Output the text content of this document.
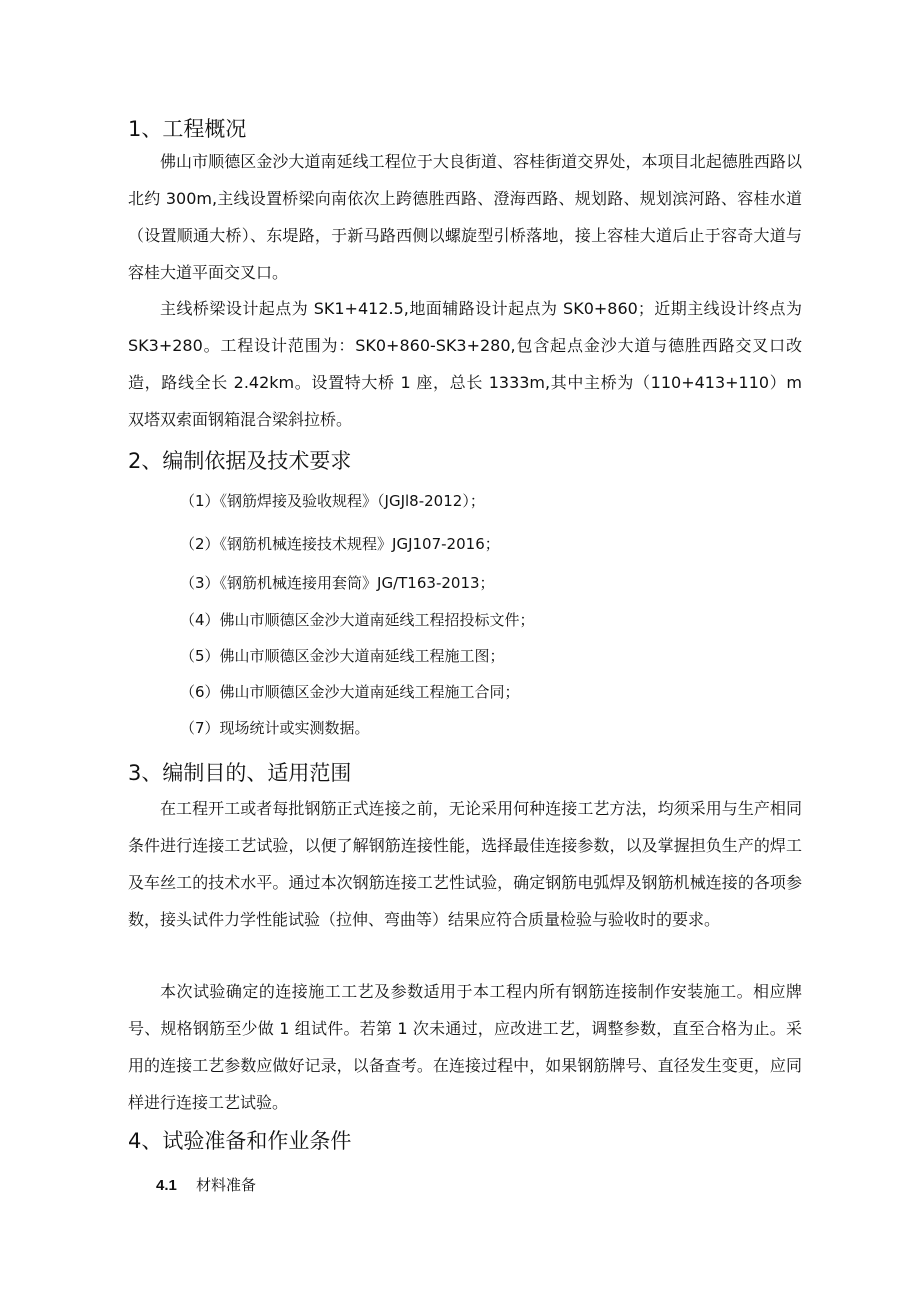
1、工程概况

佛山市顺德区金沙大道南延线工程位于大良街道、容桂街道交界处，本项目北起德胜西路以北约 300m,主线设置桥梁向南依次上跨德胜西路、澄海西路、规划路、规划滨河路、容桂水道（设置顺通大桥）、东堤路，于新马路西侧以螺旋型引桥落地，接上容桂大道后止于容奇大道与容桂大道平面交叉口。

主线桥梁设计起点为 SK1+412.5,地面辅路设计起点为 SK0+860；近期主线设计终点为 SK3+280。工程设计范围为：SK0+860-SK3+280,包含起点金沙大道与德胜西路交叉口改造，路线全长 2.42km。设置特大桥 1 座，总长 1333m,其中主桥为（110+413+110）m 双塔双索面钢箱混合梁斜拉桥。

2、编制依据及技术要求
（1）《钢筋焊接及验收规程》（JGJl8-2012）；
（2）《钢筋机械连接技术规程》JGJ107-2016；
（3）《钢筋机械连接用套筒》JG/T163-2013；
（4）佛山市顺德区金沙大道南延线工程招投标文件；
（5）佛山市顺德区金沙大道南延线工程施工图；
（6）佛山市顺德区金沙大道南延线工程施工合同；
（7）现场统计或实测数据。
3、编制目的、适用范围

在工程开工或者每批钢筋正式连接之前，无论采用何种连接工艺方法，均须采用与生产相同条件进行连接工艺试验，以便了解钢筋连接性能，选择最佳连接参数，以及掌握担负生产的焊工及车丝工的技术水平。通过本次钢筋连接工艺性试验，确定钢筋电弧焊及钢筋机械连接的各项参数，接头试件力学性能试验（拉伸、弯曲等）结果应符合质量检验与验收时的要求。

本次试验确定的连接施工工艺及参数适用于本工程内所有钢筋连接制作安装施工。相应牌号、规格钢筋至少做 1 组试件。若第 1 次未通过，应改进工艺，调整参数，直至合格为止。采用的连接工艺参数应做好记录，以备查考。在连接过程中，如果钢筋牌号、直径发生变更，应同样进行连接工艺试验。

4、试验准备和作业条件
4.1 材料准备
